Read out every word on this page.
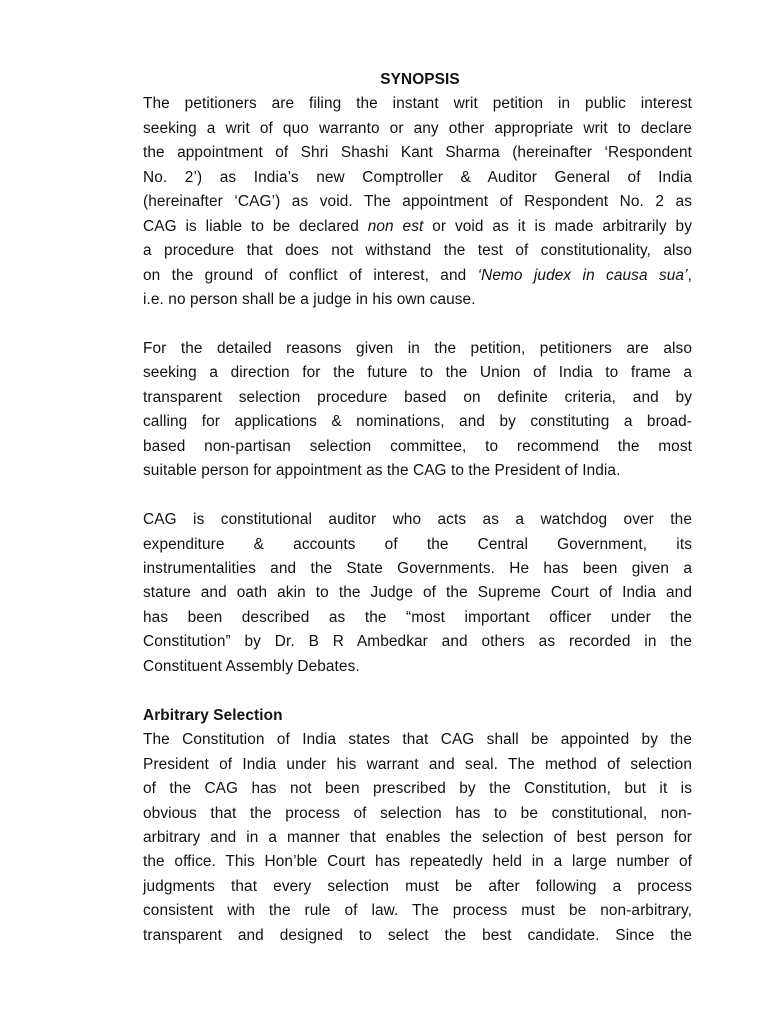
SYNOPSIS

The petitioners are filing the instant writ petition in public interest
seeking a writ of quo warranto or any other appropriate writ to declare
the appointment of Shri Shashi Kant Sharma (hereinafter ‘Respondent
No. 2’) as India’s new Comptroller & Auditor General of India
(hereinafter ‘CAG’) as void. The appointment of Respondent No. 2 as
CAG is liable to be declared non est or void as it is made arbitrarily by
a procedure that does not withstand the test of constitutionality, also
on the ground of conflict of interest, and ‘Nemo judex in causa sua’,
i.e. no person shall be a judge in his own cause.
For the detailed reasons given in the petition, petitioners are also
seeking a direction for the future to the Union of India to frame a
transparent selection procedure based on definite criteria, and by
calling for applications & nominations, and by constituting a broad-
based non-partisan selection committee, to recommend the most
suitable person for appointment as the CAG to the President of India.
CAG is constitutional auditor who acts as a watchdog over the
expenditure & accounts of the Central Government, its
instrumentalities and the State Governments. He has been given a
stature and oath akin to the Judge of the Supreme Court of India and
has been described as the “most important officer under the
Constitution” by Dr. B R Ambedkar and others as recorded in the
Constituent Assembly Debates.

Arbitrary Selection

The Constitution of India states that CAG shall be appointed by the
President of India under his warrant and seal. The method of selection
of the CAG has not been prescribed by the Constitution, but it is
obvious that the process of selection has to be constitutional, non-
arbitrary and in a manner that enables the selection of best person for
the office. This Hon’ble Court has repeatedly held in a large number of
judgments that every selection must be after following a process
consistent with the rule of law. The process must be non-arbitrary,
transparent and designed to select the best candidate. Since the
